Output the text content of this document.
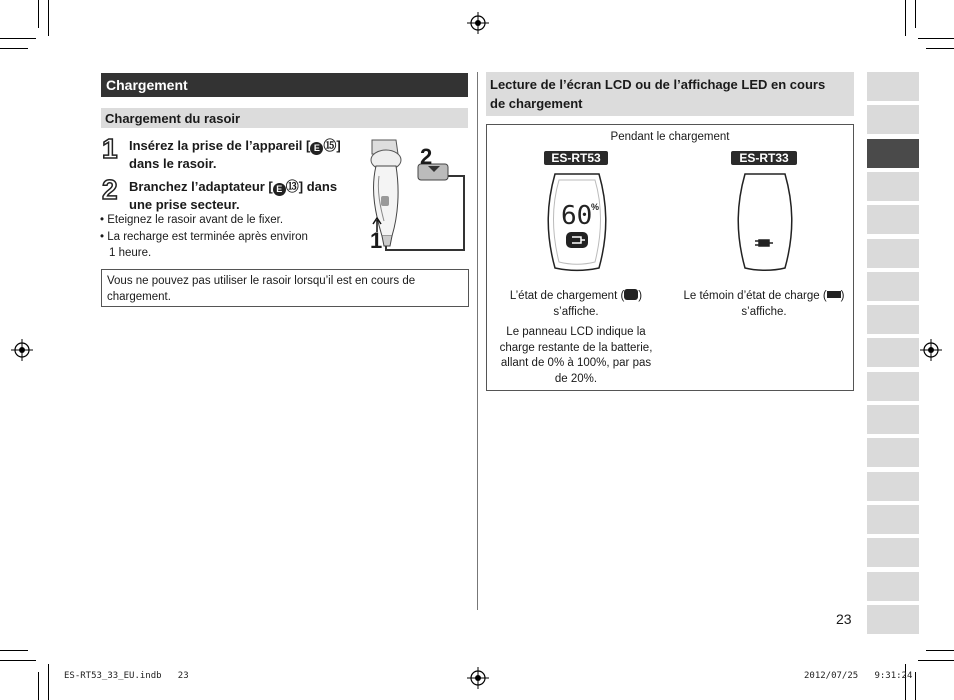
Chargement
Chargement du rasoir
1 Insérez la prise de l’appareil [ E ⑮]
dans le rasoir.
2 Branchez l’adaptateur [ E ⑬] dans
une prise secteur.
• Eteignez le rasoir avant de le fixer.
• La recharge est terminée après environ
1 heure.
2
1
Vous ne pouvez pas utiliser le rasoir lorsqu’il est en cours de
chargement.
Lecture de l’écran LCD ou de l’affichage LED en cours
de chargement
Pendant le chargement
ES-RT53	ES-RT33
60
%
L’état de chargement ( )
s’affiche.
Le panneau LCD indique la
charge restante de la batterie,
allant de 0% à 100%, par pas
de 20%.
Le témoin d’état de charge ( )
s’affiche.
GB
D
F
I
NL
E
DK
P
N
S
FIN
PL
CZ
SK
H
RO
TR
23
ES-RT53_33_EU.indb   23	2012/07/25   9:31:24
